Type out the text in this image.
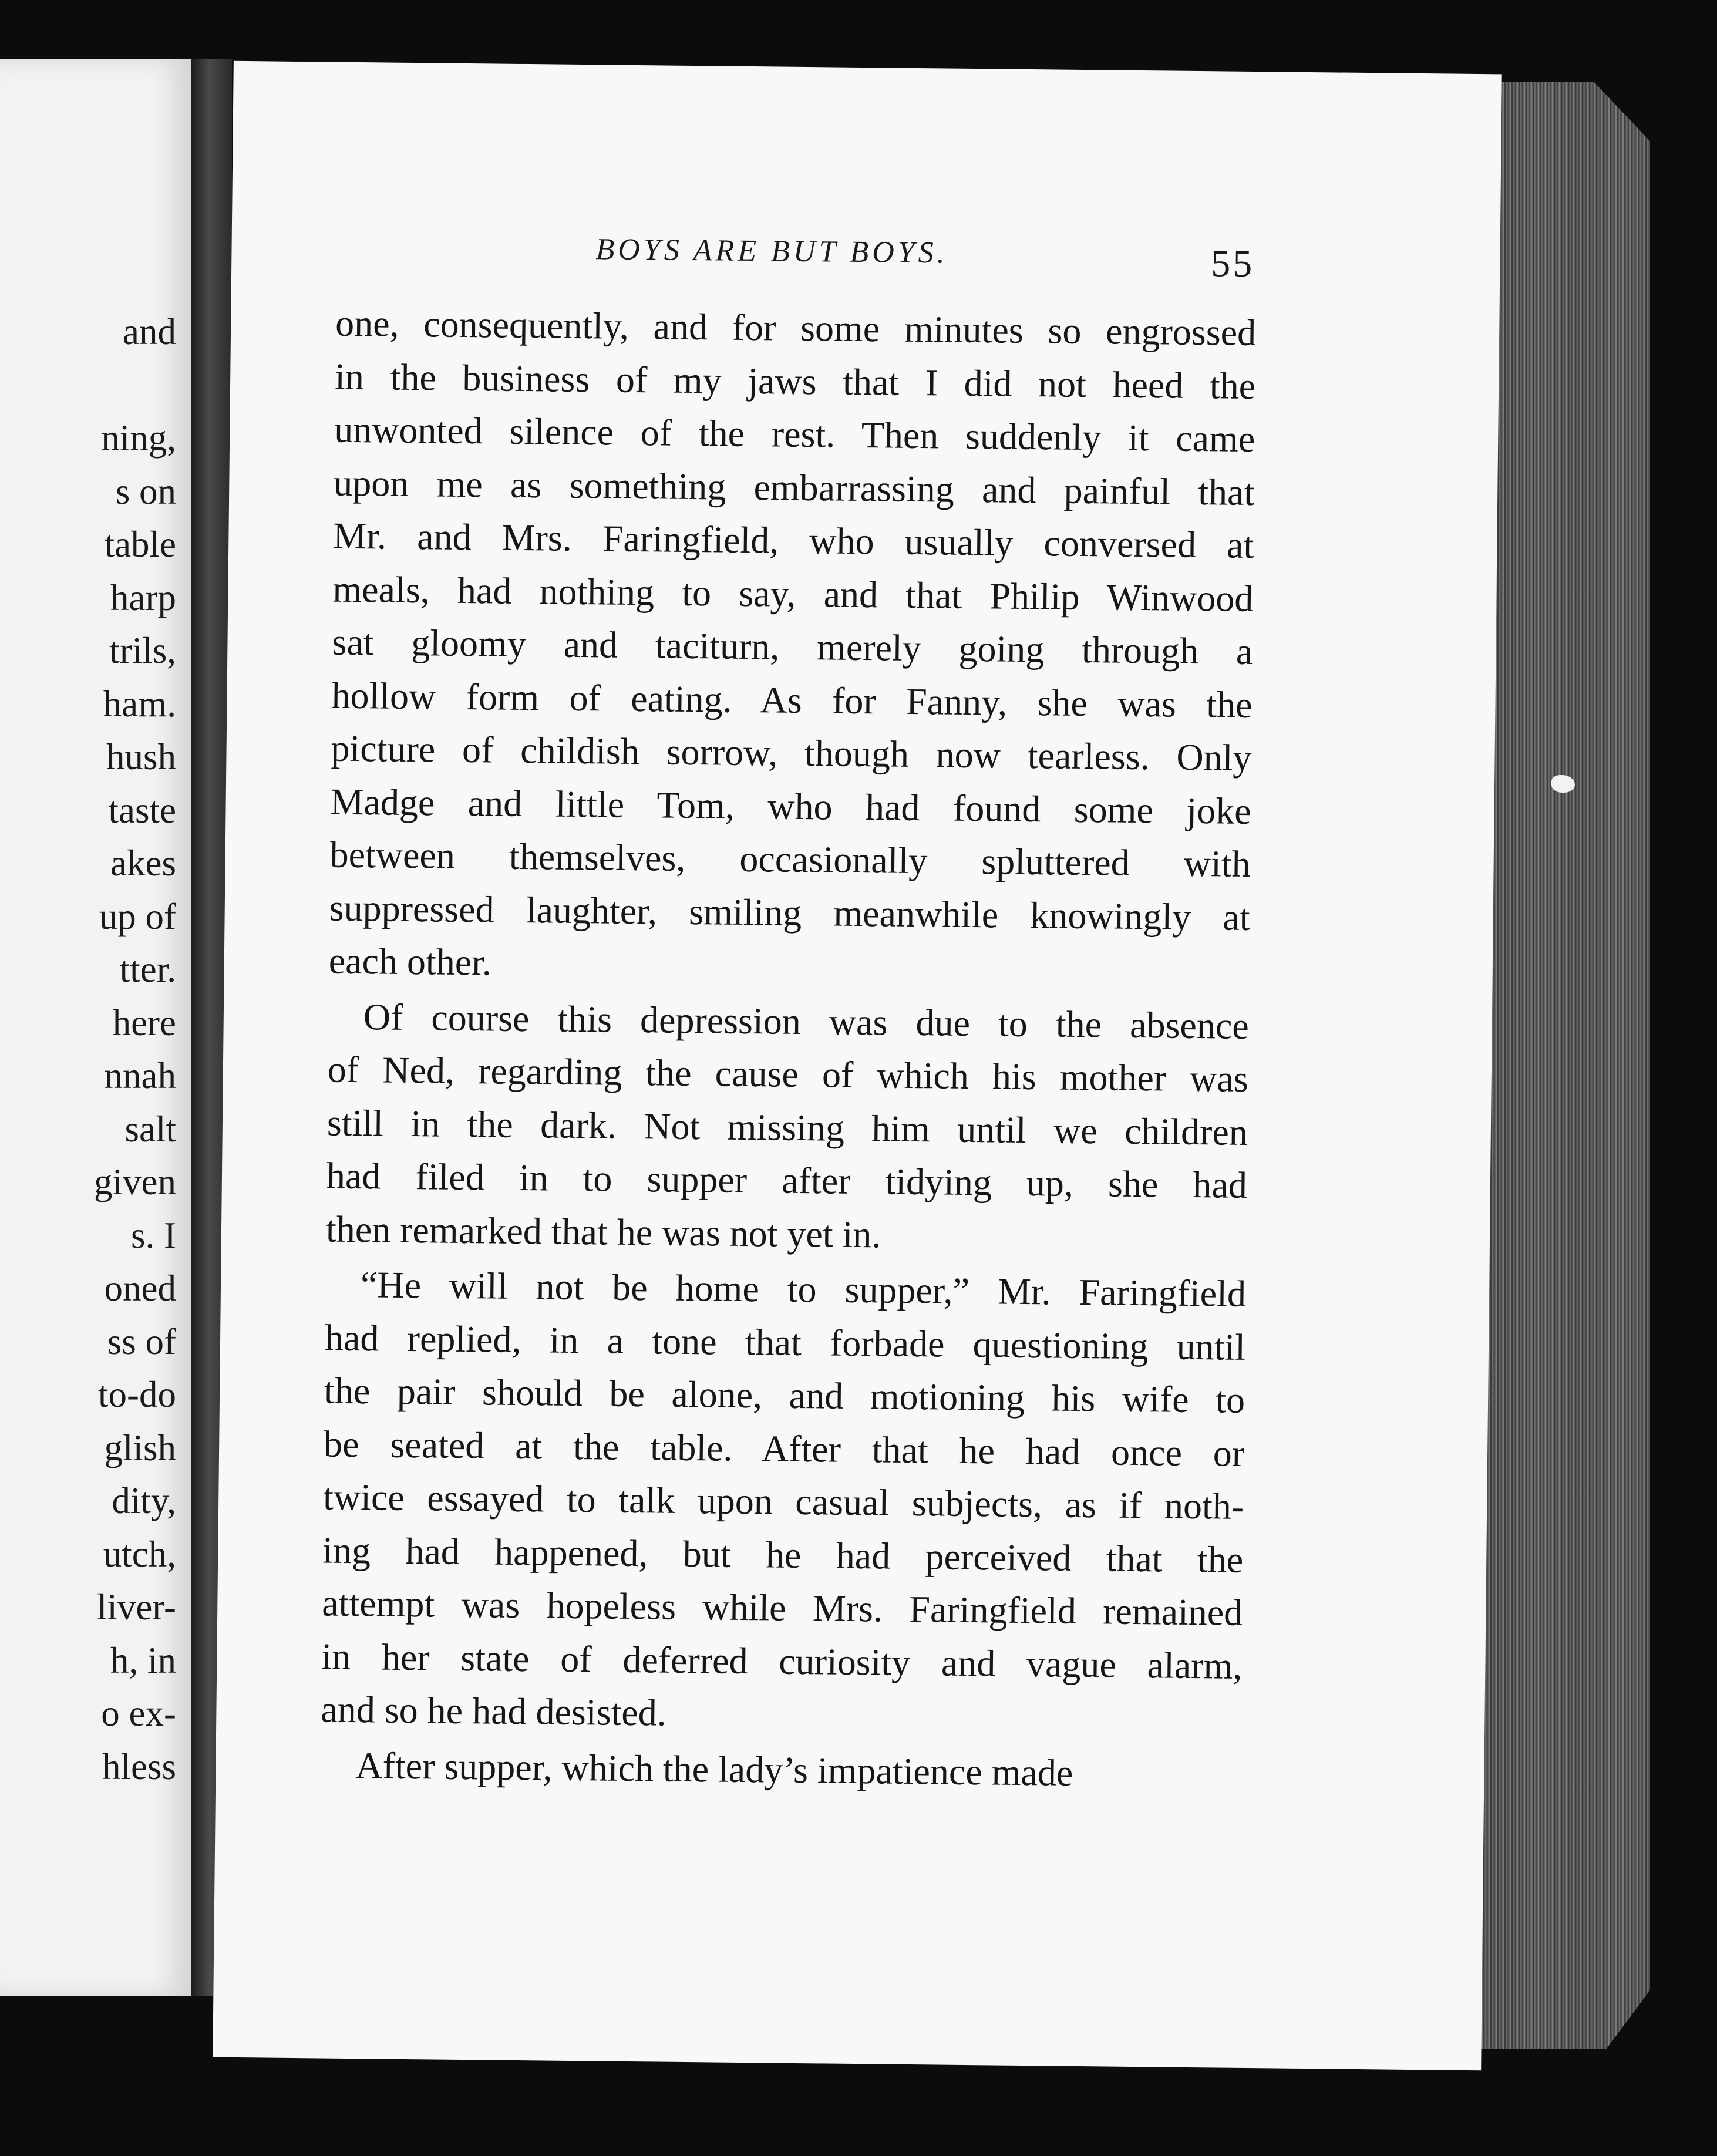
and

ning,
s on
table
harp
trils,
ham.
hush
taste
akes
up of
tter.
here
nnah
salt
given
s. I
oned
ss of
to-do
glish
dity,
utch,
liver-
h, in
o ex-
hless
BOYS ARE BUT BOYS.	55
one, consequently, and for some minutes so engrossed
in the business of my jaws that I did not heed the
unwonted silence of the rest. Then suddenly it came
upon me as something embarrassing and painful that
Mr. and Mrs. Faringfield, who usually conversed at
meals, had nothing to say, and that Philip Winwood
sat gloomy and taciturn, merely going through a
hollow form of eating. As for Fanny, she was the
picture of childish sorrow, though now tearless. Only
Madge and little Tom, who had found some joke
between themselves, occasionally spluttered with
suppressed laughter, smiling meanwhile knowingly at
each other.
Of course this depression was due to the absence
of Ned, regarding the cause of which his mother was
still in the dark. Not missing him until we children
had filed in to supper after tidying up, she had
then remarked that he was not yet in.
“He will not be home to supper,” Mr. Faringfield
had replied, in a tone that forbade questioning until
the pair should be alone, and motioning his wife to
be seated at the table. After that he had once or
twice essayed to talk upon casual subjects, as if noth-
ing had happened, but he had perceived that the
attempt was hopeless while Mrs. Faringfield remained
in her state of deferred curiosity and vague alarm,
and so he had desisted.
After supper, which the lady’s impatience made
